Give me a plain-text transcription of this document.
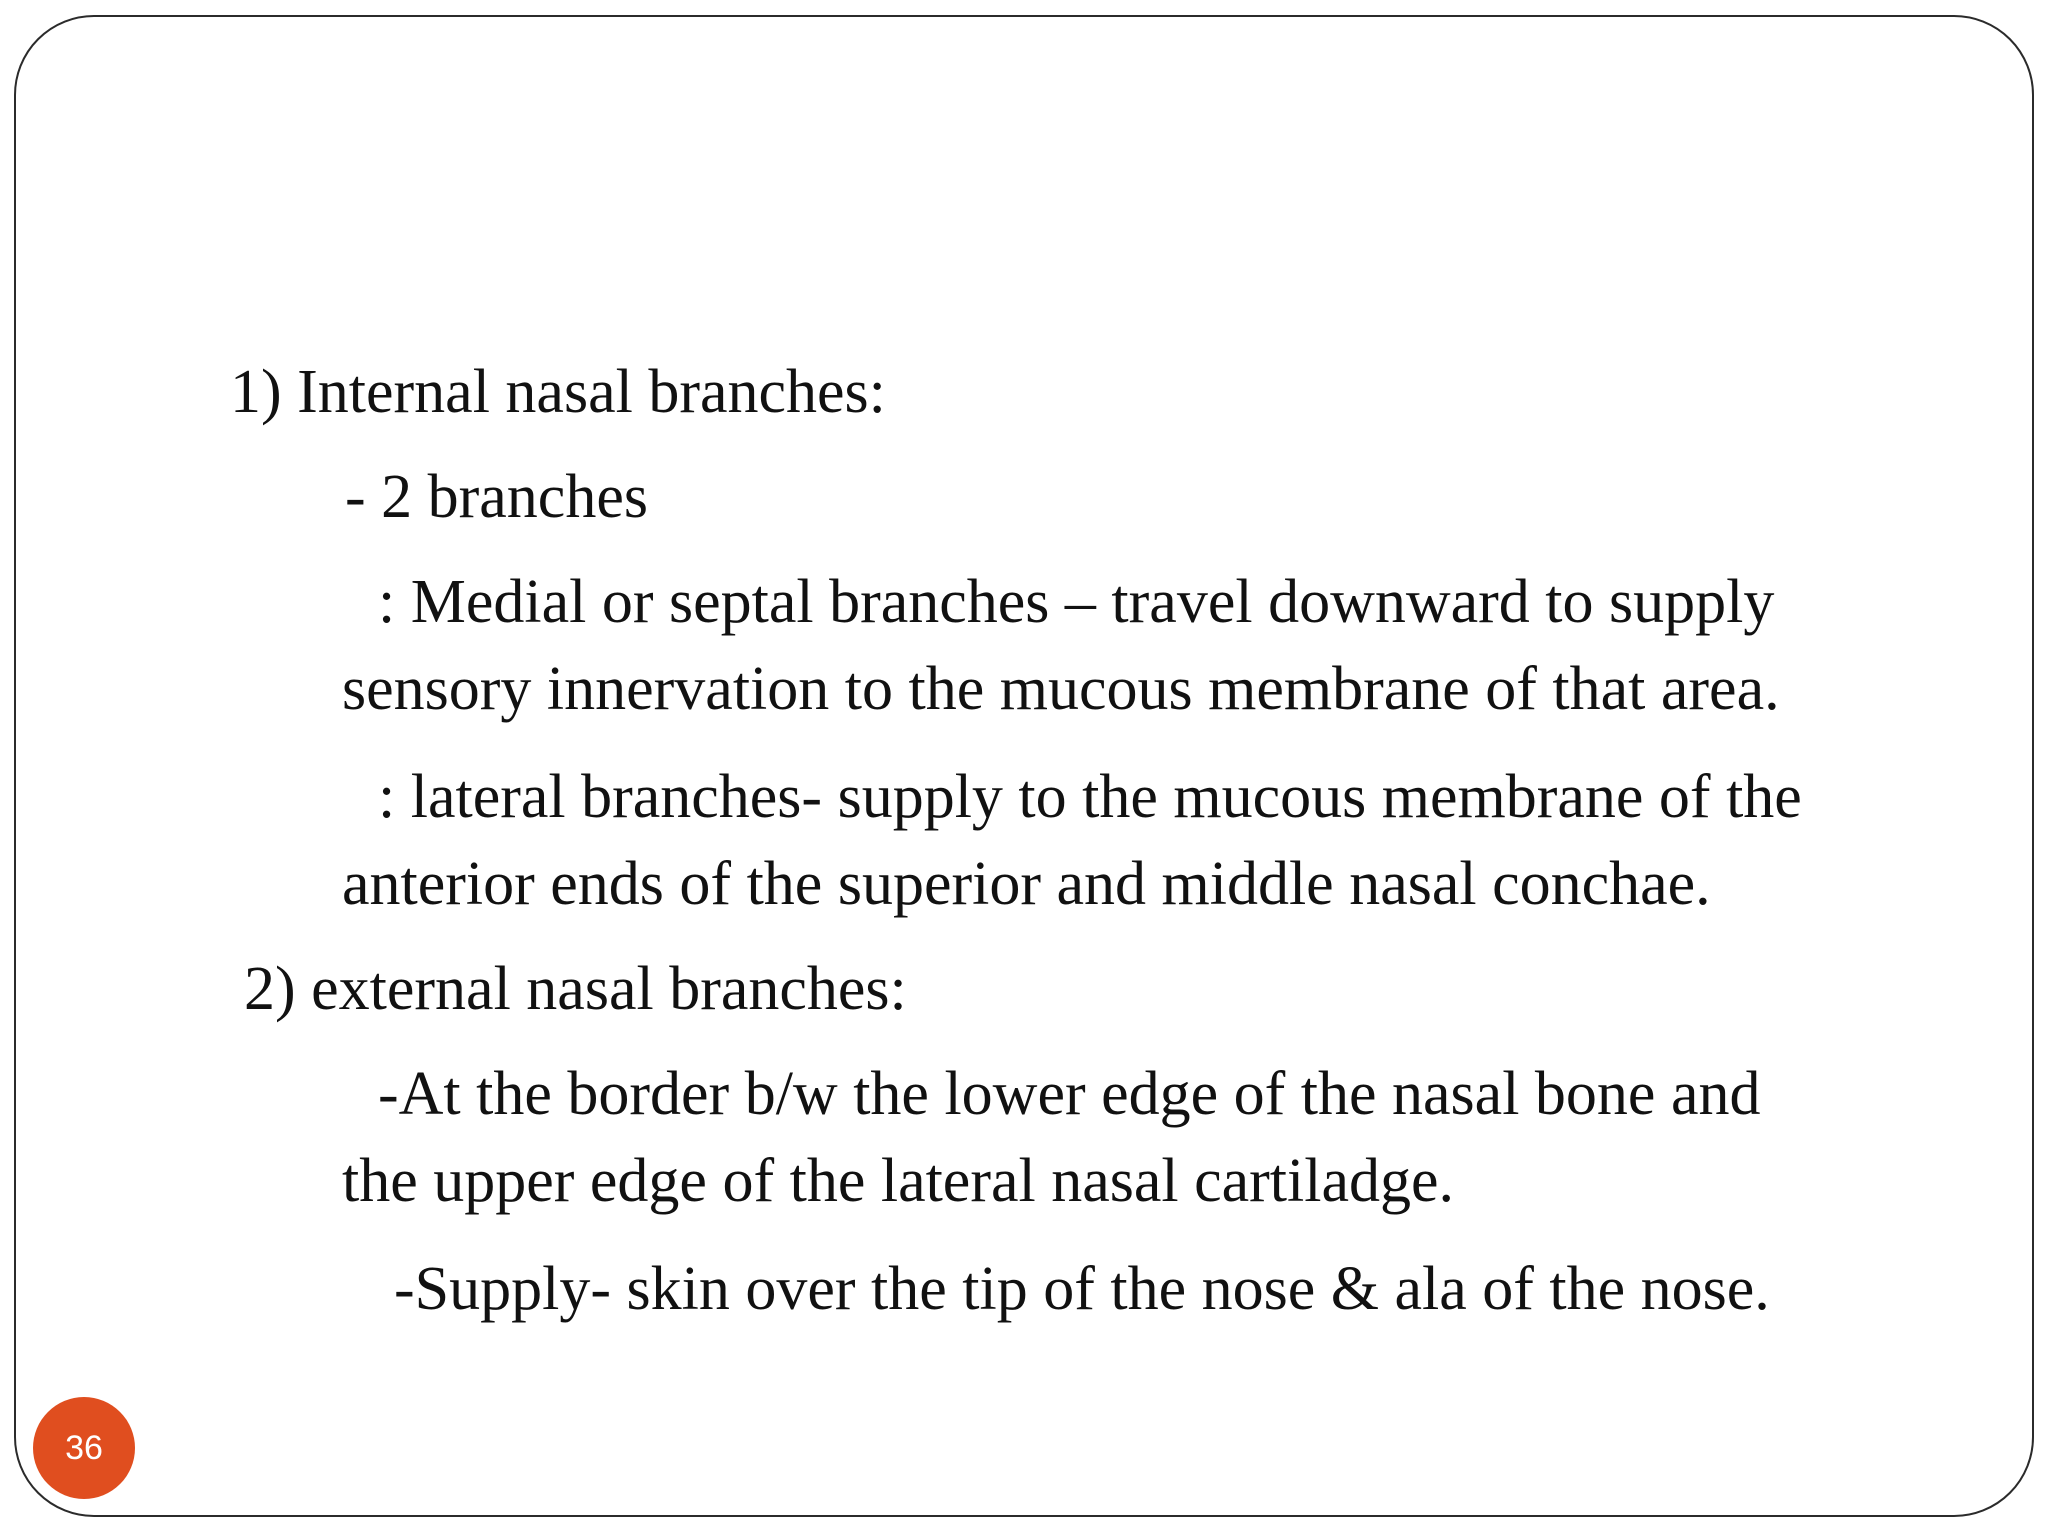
1) Internal nasal branches:

- 2 branches

: Medial or septal branches – travel downward to supply

sensory innervation to the mucous membrane of that area.

: lateral branches- supply to the mucous membrane of the

anterior ends of the superior and middle nasal conchae.

2) external nasal branches:

-At the border b/w the lower edge of the nasal bone and

the upper edge of the lateral nasal cartiladge.

-Supply- skin over the tip of the nose & ala of the nose.

36
